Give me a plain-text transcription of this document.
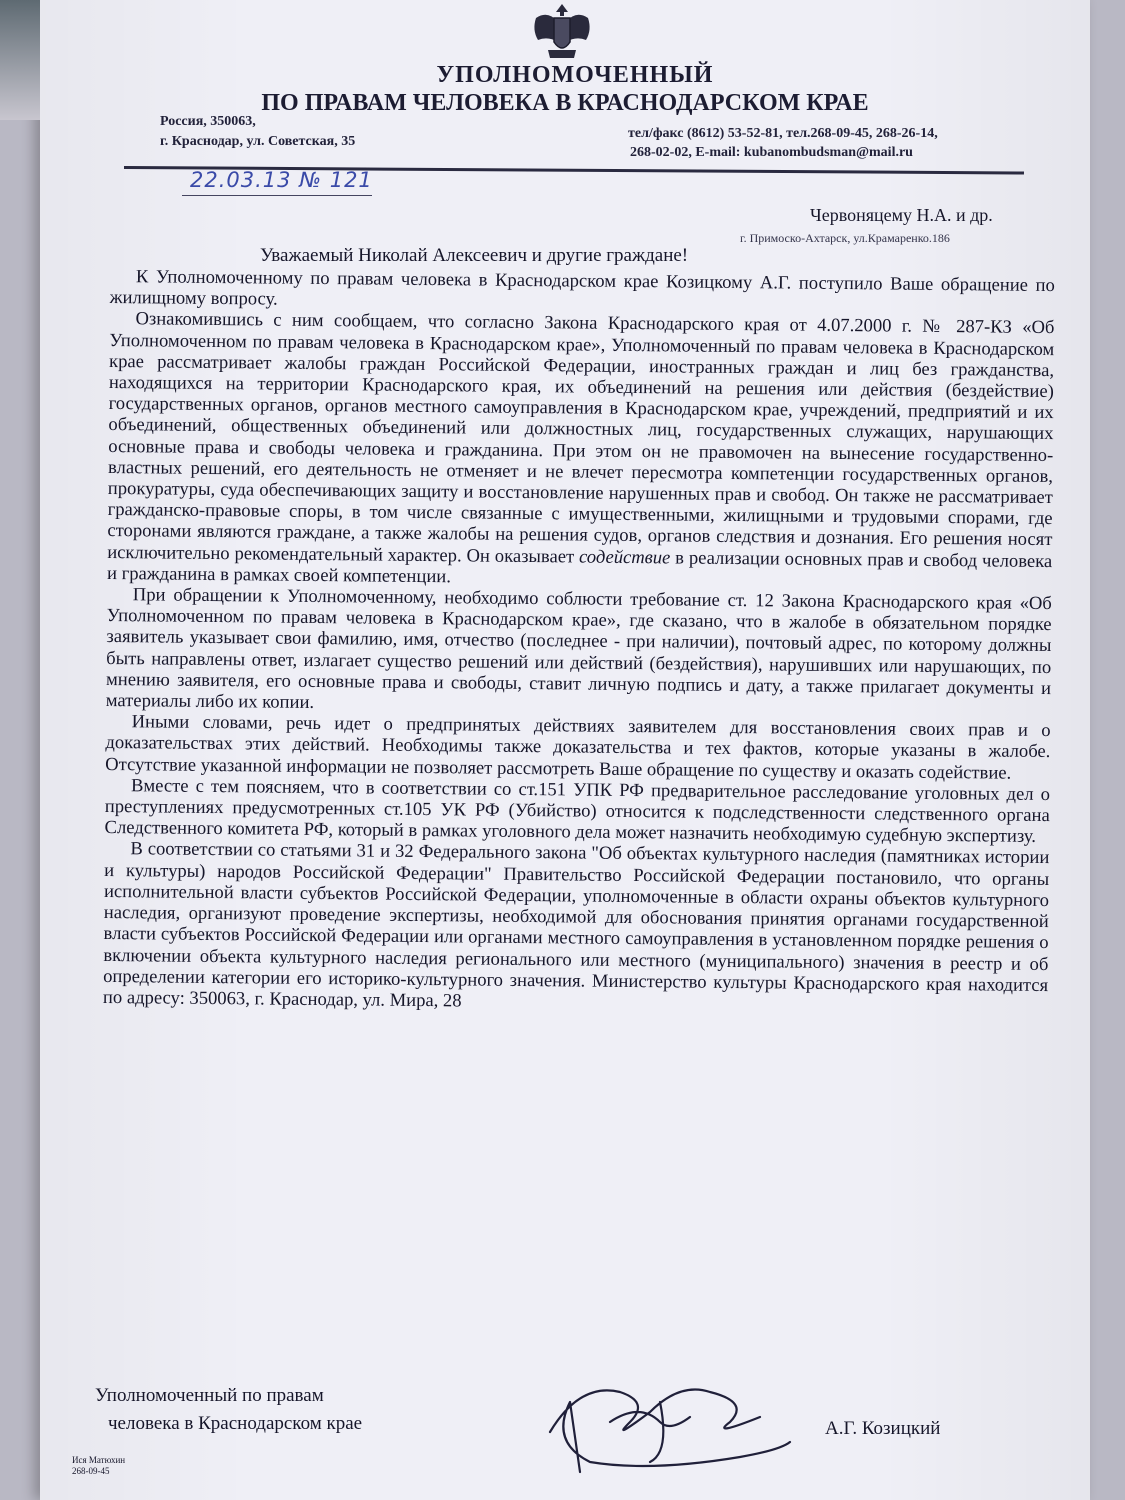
УПОЛНОМОЧЕННЫЙ
ПО ПРАВАМ ЧЕЛОВЕКА В КРАСНОДАРСКОМ КРАЕ
Россия, 350063,
г. Краснодар, ул. Советская, 35
тел/факс (8612) 53-52-81, тел.268-09-45, 268-26-14,
268-02-02, E-mail: kubanombudsman@mail.ru
22.03.13 № 121
Червоняцему Н.А. и др.
г. Примоско-Ахтарск, ул.Крамаренко.186
Уважаемый Николай Алексеевич и другие граждане!

К Уполномоченному по правам человека в Краснодарском крае Козицкому А.Г. поступило Ваше обращение по жилищному вопросу.

Ознакомившись с ним сообщаем, что согласно Закона Краснодарского края от 4.07.2000 г. № 287-КЗ «Об Уполномоченном по правам человека в Краснодарском крае», Уполномоченный по правам человека в Краснодарском крае рассматривает жалобы граждан Российской Федерации, иностранных граждан и лиц без гражданства, находящихся на территории Краснодарского края, их объединений на решения или действия (бездействие) государственных органов, органов местного самоуправления в Краснодарском крае, учреждений, предприятий и их объединений, общественных объединений или должностных лиц, государственных служащих, нарушающих основные права и свободы человека и гражданина. При этом он не правомочен на вынесение государственно-властных решений, его деятельность не отменяет и не влечет пересмотра компетенции государственных органов, прокуратуры, суда обеспечивающих защиту и восстановление нарушенных прав и свобод. Он также не рассматривает гражданско-правовые споры, в том числе связанные с имущественными, жилищными и трудовыми спорами, где сторонами являются граждане, а также жалобы на решения судов, органов следствия и дознания. Его решения носят исключительно рекомендательный характер. Он оказывает содействие в реализации основных прав и свобод человека и гражданина в рамках своей компетенции.

При обращении к Уполномоченному, необходимо соблюсти требование ст. 12 Закона Краснодарского края «Об Уполномоченном по правам человека в Краснодарском крае», где сказано, что в жалобе в обязательном порядке заявитель указывает свои фамилию, имя, отчество (последнее - при наличии), почтовый адрес, по которому должны быть направлены ответ, излагает существо решений или действий (бездействия), нарушивших или нарушающих, по мнению заявителя, его основные права и свободы, ставит личную подпись и дату, а также прилагает документы и материалы либо их копии.

Иными словами, речь идет о предпринятых действиях заявителем для восстановления своих прав и о доказательствах этих действий. Необходимы также доказательства и тех фактов, которые указаны в жалобе. Отсутствие указанной информации не позволяет рассмотреть Ваше обращение по существу и оказать содействие.

Вместе с тем поясняем, что в соответствии со ст.151 УПК РФ предварительное расследование уголовных дел о преступлениях предусмотренных ст.105 УК РФ (Убийство) относится к подследственности следственного органа Следственного комитета РФ, который в рамках уголовного дела может назначить необходимую судебную экспертизу.

В соответствии со статьями 31 и 32 Федерального закона "Об объектах культурного наследия (памятниках истории и культуры) народов Российской Федерации" Правительство Российской Федерации постановило, что органы исполнительной власти субъектов Российской Федерации, уполномоченные в области охраны объектов культурного наследия, организуют проведение экспертизы, необходимой для обоснования принятия органами государственной власти субъектов Российской Федерации или органами местного самоуправления в установленном порядке решения о включении объекта культурного наследия регионального или местного (муниципального) значения в реестр и об определении категории его историко-культурного значения. Министерство культуры Краснодарского края находится по адресу: 350063, г. Краснодар, ул. Мира, 28

Уполномоченный по правам
человека в Краснодарском крае	А.Г. Козицкий
Ися Матюхин
268-09-45
